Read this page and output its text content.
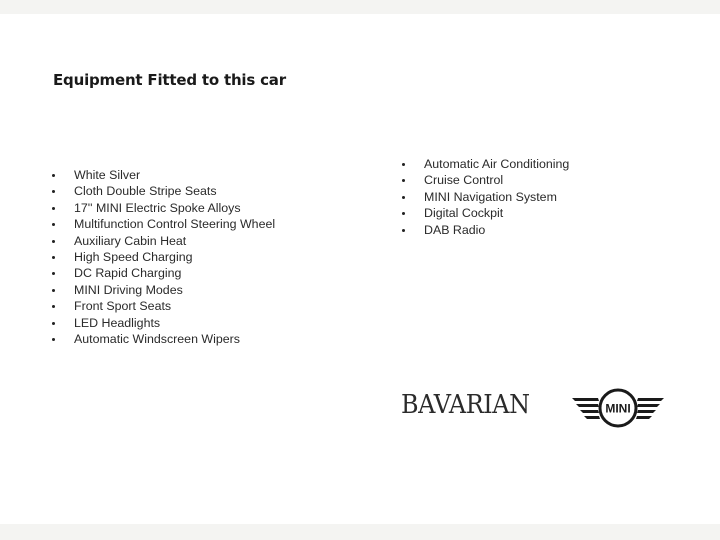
Equipment Fitted to this car
White Silver
Cloth Double Stripe Seats
17'' MINI Electric Spoke Alloys
Multifunction Control Steering Wheel
Auxiliary Cabin Heat
High Speed Charging
DC Rapid Charging
MINI Driving Modes
Front Sport Seats
LED Headlights
Automatic Windscreen Wipers
Automatic Air Conditioning
Cruise Control
MINI Navigation System
Digital Cockpit
DAB Radio
BAVARIAN	MINI
